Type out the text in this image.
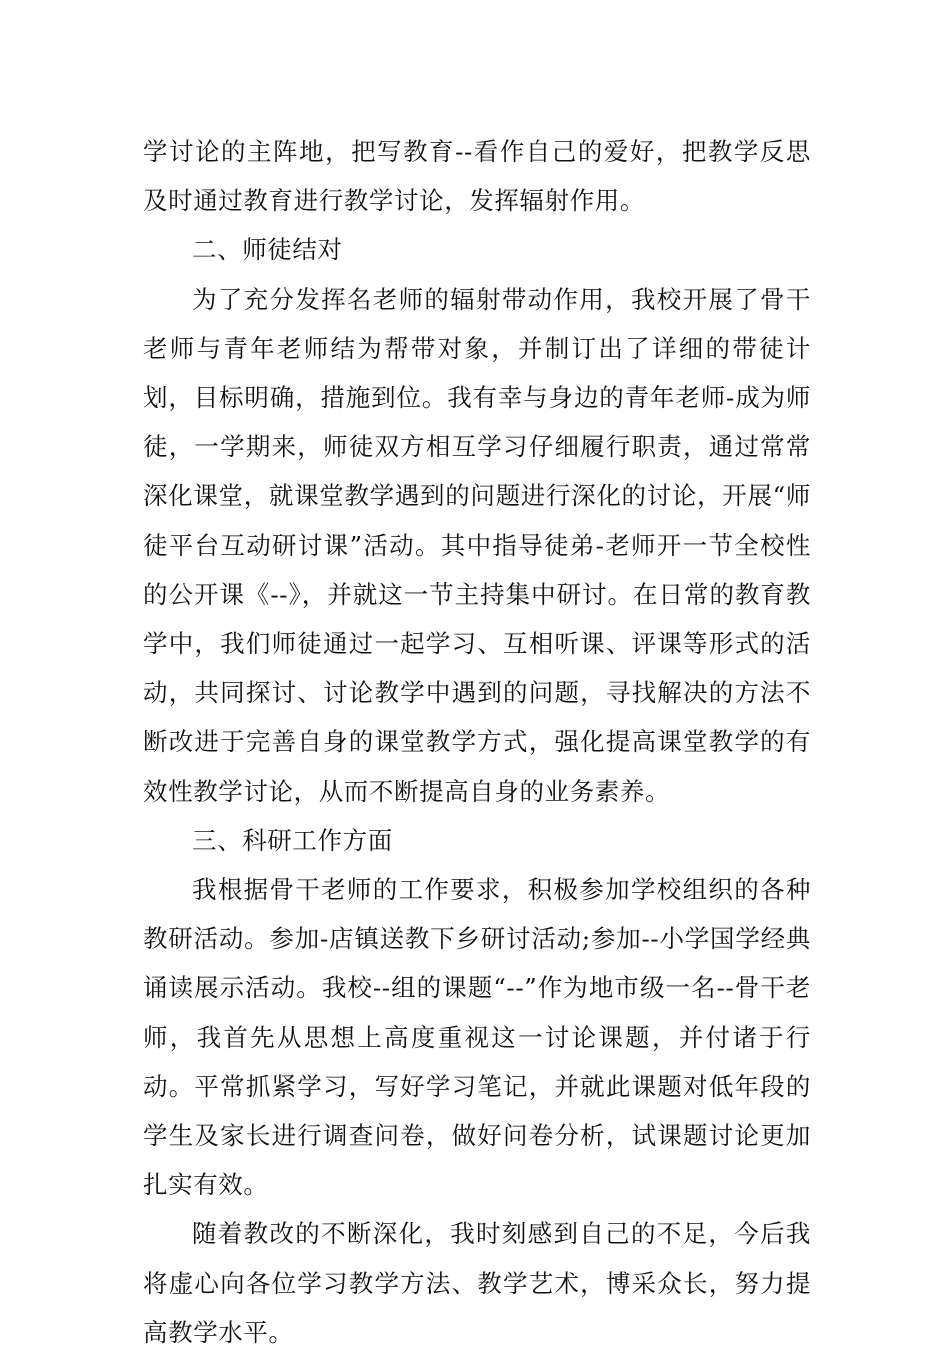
学讨论的主阵地，把写教育--看作自己的爱好，把教学反思及时通过教育进行教学讨论，发挥辐射作用。

二、师徒结对

为了充分发挥名老师的辐射带动作用，我校开展了骨干老师与青年老师结为帮带对象，并制订出了详细的带徒计划，目标明确，措施到位。我有幸与身边的青年老师-成为师徒，一学期来，师徒双方相互学习仔细履行职责，通过常常深化课堂，就课堂教学遇到的问题进行深化的讨论，开展“师徒平台互动研讨课”活动。其中指导徒弟-老师开一节全校性的公开课《--》，并就这一节主持集中研讨。在日常的教育教学中，我们师徒通过一起学习、互相听课、评课等形式的活动，共同探讨、讨论教学中遇到的问题，寻找解决的方法不断改进于完善自身的课堂教学方式，强化提高课堂教学的有效性教学讨论，从而不断提高自身的业务素养。

三、科研工作方面

我根据骨干老师的工作要求，积极参加学校组织的各种教研活动。参加-店镇送教下乡研讨活动;参加--小学国学经典诵读展示活动。我校--组的课题“--”作为地市级一名--骨干老师，我首先从思想上高度重视这一讨论课题，并付诸于行动。平常抓紧学习，写好学习笔记，并就此课题对低年段的学生及家长进行调查问卷，做好问卷分析，试课题讨论更加扎实有效。

随着教改的不断深化，我时刻感到自己的不足，今后我将虚心向各位学习教学方法、教学艺术，博采众长，努力提高教学水平。
